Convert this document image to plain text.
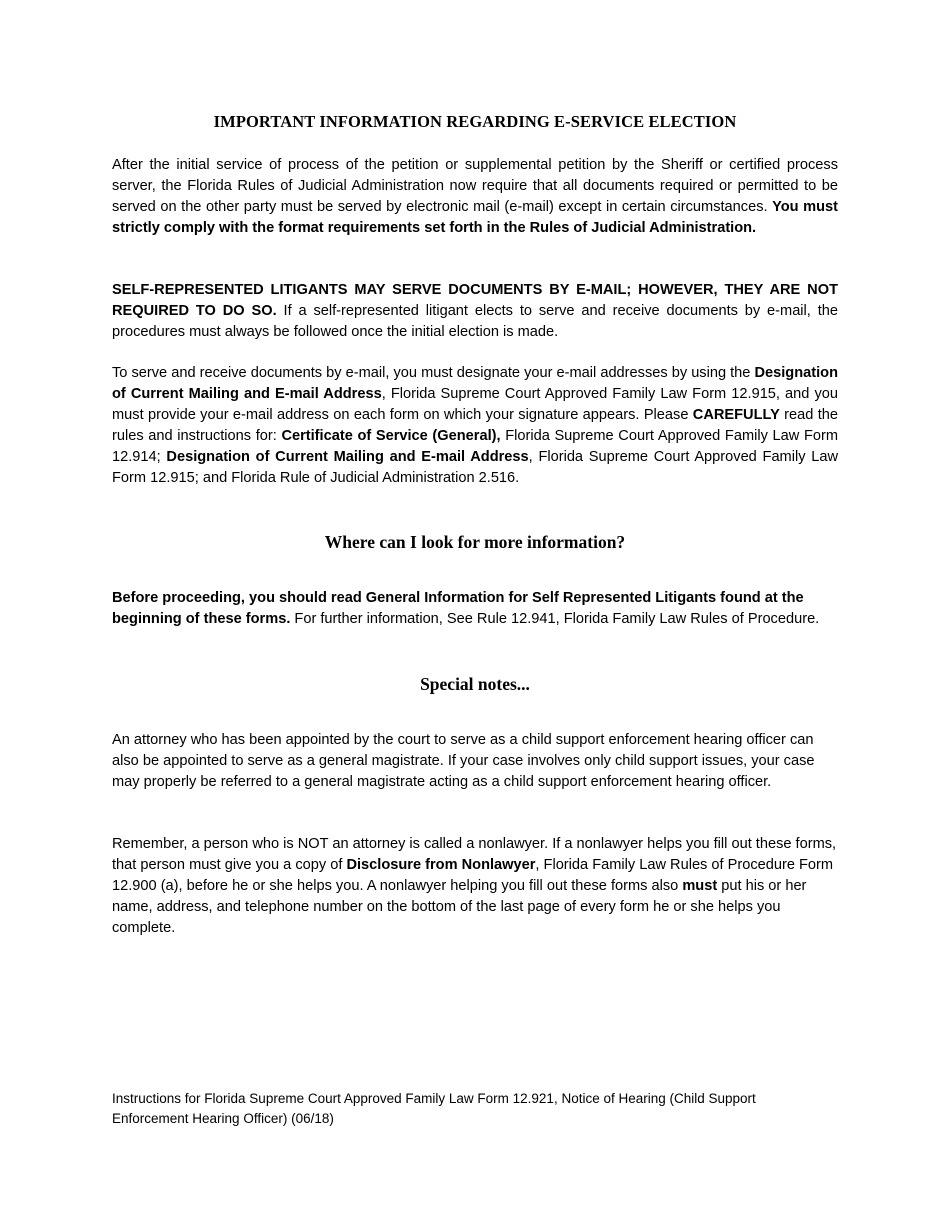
IMPORTANT INFORMATION REGARDING E-SERVICE ELECTION

After the initial service of process of the petition or supplemental petition by the Sheriff or certified process server, the Florida Rules of Judicial Administration now require that all documents required or permitted to be served on the other party must be served by electronic mail (e-mail) except in certain circumstances. You must strictly comply with the format requirements set forth in the Rules of Judicial Administration.

SELF-REPRESENTED LITIGANTS MAY SERVE DOCUMENTS BY E-MAIL; HOWEVER, THEY ARE NOT REQUIRED TO DO SO. If a self-represented litigant elects to serve and receive documents by e-mail, the procedures must always be followed once the initial election is made.

To serve and receive documents by e-mail, you must designate your e-mail addresses by using the Designation of Current Mailing and E-mail Address, Florida Supreme Court Approved Family Law Form 12.915, and you must provide your e-mail address on each form on which your signature appears. Please CAREFULLY read the rules and instructions for: Certificate of Service (General), Florida Supreme Court Approved Family Law Form 12.914; Designation of Current Mailing and E-mail Address, Florida Supreme Court Approved Family Law Form 12.915; and Florida Rule of Judicial Administration 2.516.

Where can I look for more information?

Before proceeding, you should read General Information for Self Represented Litigants found at the beginning of these forms. For further information, See Rule 12.941, Florida Family Law Rules of Procedure.

Special notes...

An attorney who has been appointed by the court to serve as a child support enforcement hearing officer can also be appointed to serve as a general magistrate. If your case involves only child support issues, your case may properly be referred to a general magistrate acting as a child support enforcement hearing officer.

Remember, a person who is NOT an attorney is called a nonlawyer. If a nonlawyer helps you fill out these forms, that person must give you a copy of Disclosure from Nonlawyer, Florida Family Law Rules of Procedure Form 12.900 (a), before he or she helps you. A nonlawyer helping you fill out these forms also must put his or her name, address, and telephone number on the bottom of the last page of every form he or she helps you complete.

Instructions for Florida Supreme Court Approved Family Law Form 12.921, Notice of Hearing (Child Support Enforcement Hearing Officer) (06/18)
